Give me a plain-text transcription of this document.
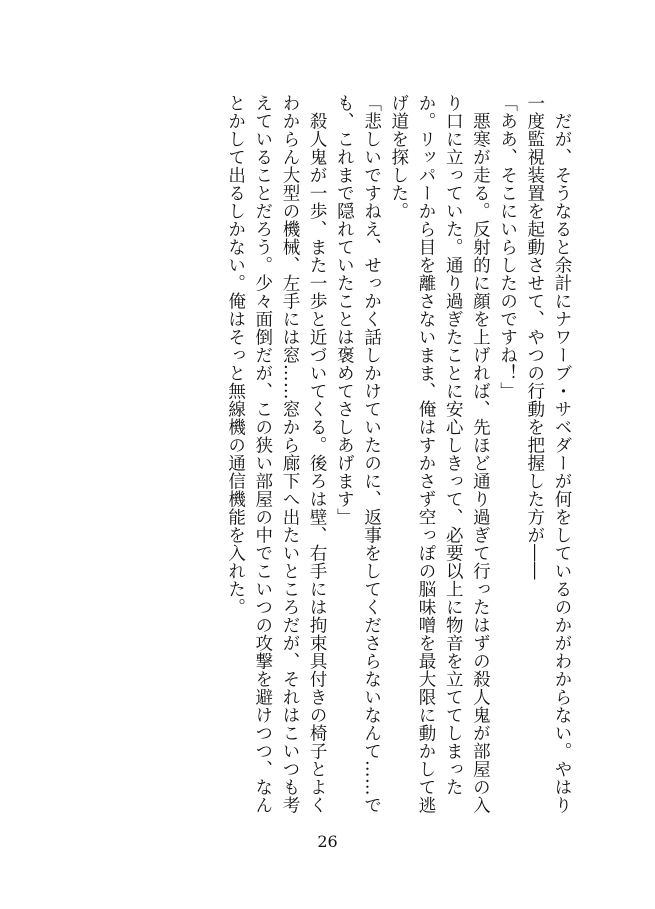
だが、そうなると余計にナワーブ・サベダーが何をしているのかがわからない。やはり一度監視装置を起動させて、やつの行動を把握した方が――

「ああ、そこにいらしたのですね！」

悪寒が走る。反射的に顔を上げれば、先ほど通り過ぎて行ったはずの殺人鬼が部屋の入り口に立っていた。通り過ぎたことに安心しきって、必要以上に物音を立ててしまったか。リッパーから目を離さないまま、俺はすかさず空っぽの脳味噌を最大限に動かして逃げ道を探した。

「悲しいですねえ、せっかく話しかけていたのに、返事をしてくださらないなんて……でも、これまで隠れていたことは褒めてさしあげます」

殺人鬼が一歩、また一歩と近づいてくる。後ろは壁、右手には拘束具付きの椅子とよくわからん大型の機械、左手には窓……窓から廊下へ出たいところだが、それはこいつも考えていることだろう。少々面倒だが、この狭い部屋の中でこいつの攻撃を避けつつ、なんとかして出るしかない。俺はそっと無線機の通信機能を入れた。

26
